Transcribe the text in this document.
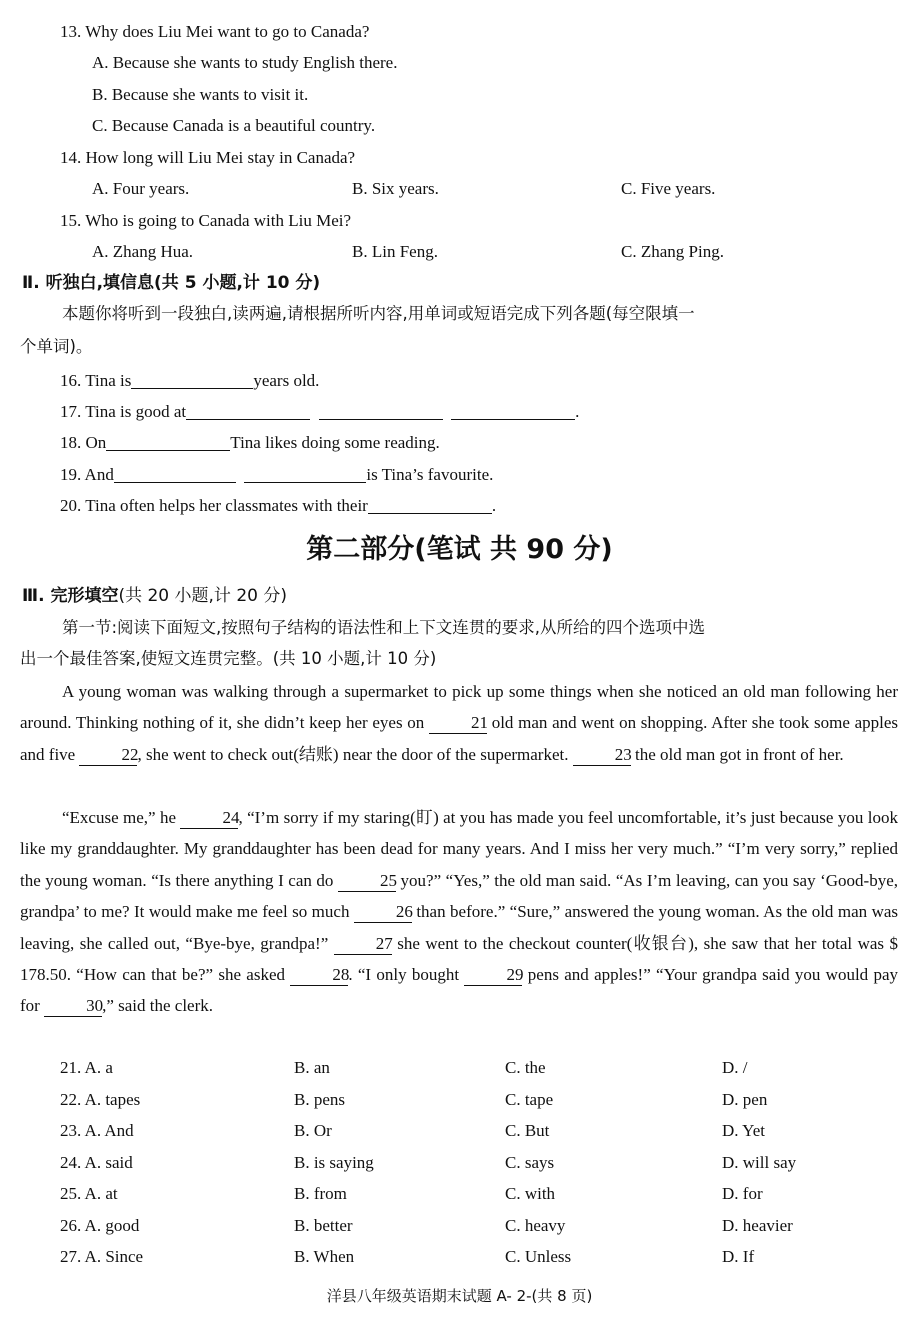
13. Why does Liu Mei want to go to Canada?
A. Because she wants to study English there.
B. Because she wants to visit it.
C. Because Canada is a beautiful country.
14. How long will Liu Mei stay in Canada?
A. Four years.	B. Six years.	C. Five years.
15. Who is going to Canada with Liu Mei?
A. Zhang Hua.	B. Lin Feng.	C. Zhang Ping.
Ⅱ. 听独白,填信息(共 5 小题,计 10 分)
本题你将听到一段独白,读两遍,请根据所听内容,用单词或短语完成下列各题(每空限填一
个单词)。
16. Tina is	years old.
17. Tina is good at	.
18. On	Tina likes doing some reading.
19. And	is Tina’s favourite.
20. Tina often helps her classmates with their	.
第二部分(笔试 共 90 分)
Ⅲ. 完形填空(共 20 小题,计 20 分)
第一节:阅读下面短文,按照句子结构的语法性和上下文连贯的要求,从所给的四个选项中选
出一个最佳答案,使短文连贯完整。(共 10 小题,计 10 分)
A young woman was walking through a supermarket to pick up some things when she noticed an old man following her around. Thinking nothing of it, she didn’t keep her eyes on	21 old man and went on shopping. After she took some apples and five	22, she went to check out(结账) near the door of the supermarket.	23 the old man got in front of her.
“Excuse me,” he	24, “I’m sorry if my staring(盯) at you has made you feel uncomfortable, it’s just because you look like my granddaughter. My granddaughter has been dead for many years. And I miss her very much.” “I’m very sorry,” replied the young woman. “Is there anything I can do	25 you?” “Yes,” the old man said. “As I’m leaving, can you say ‘Good-bye, grandpa’ to me? It would make me feel so much	26 than before.” “Sure,” answered the young woman. As the old man was leaving, she called out, “Bye-bye, grandpa!”	27 she went to the checkout counter(收银台), she saw that her total was $ 178.50. “How can that be?” she asked	28. “I only bought	29 pens and apples!” “Your grandpa said you would pay for	30,” said the clerk.
21. A. a	B. an	C. the	D. /
22. A. tapes	B. pens	C. tape	D. pen
23. A. And	B. Or	C. But	D. Yet
24. A. said	B. is saying	C. says	D. will say
25. A. at	B. from	C. with	D. for
26. A. good	B. better	C. heavy	D. heavier
27. A. Since	B. When	C. Unless	D. If
洋县八年级英语期末试题 A- 2-(共 8 页)
